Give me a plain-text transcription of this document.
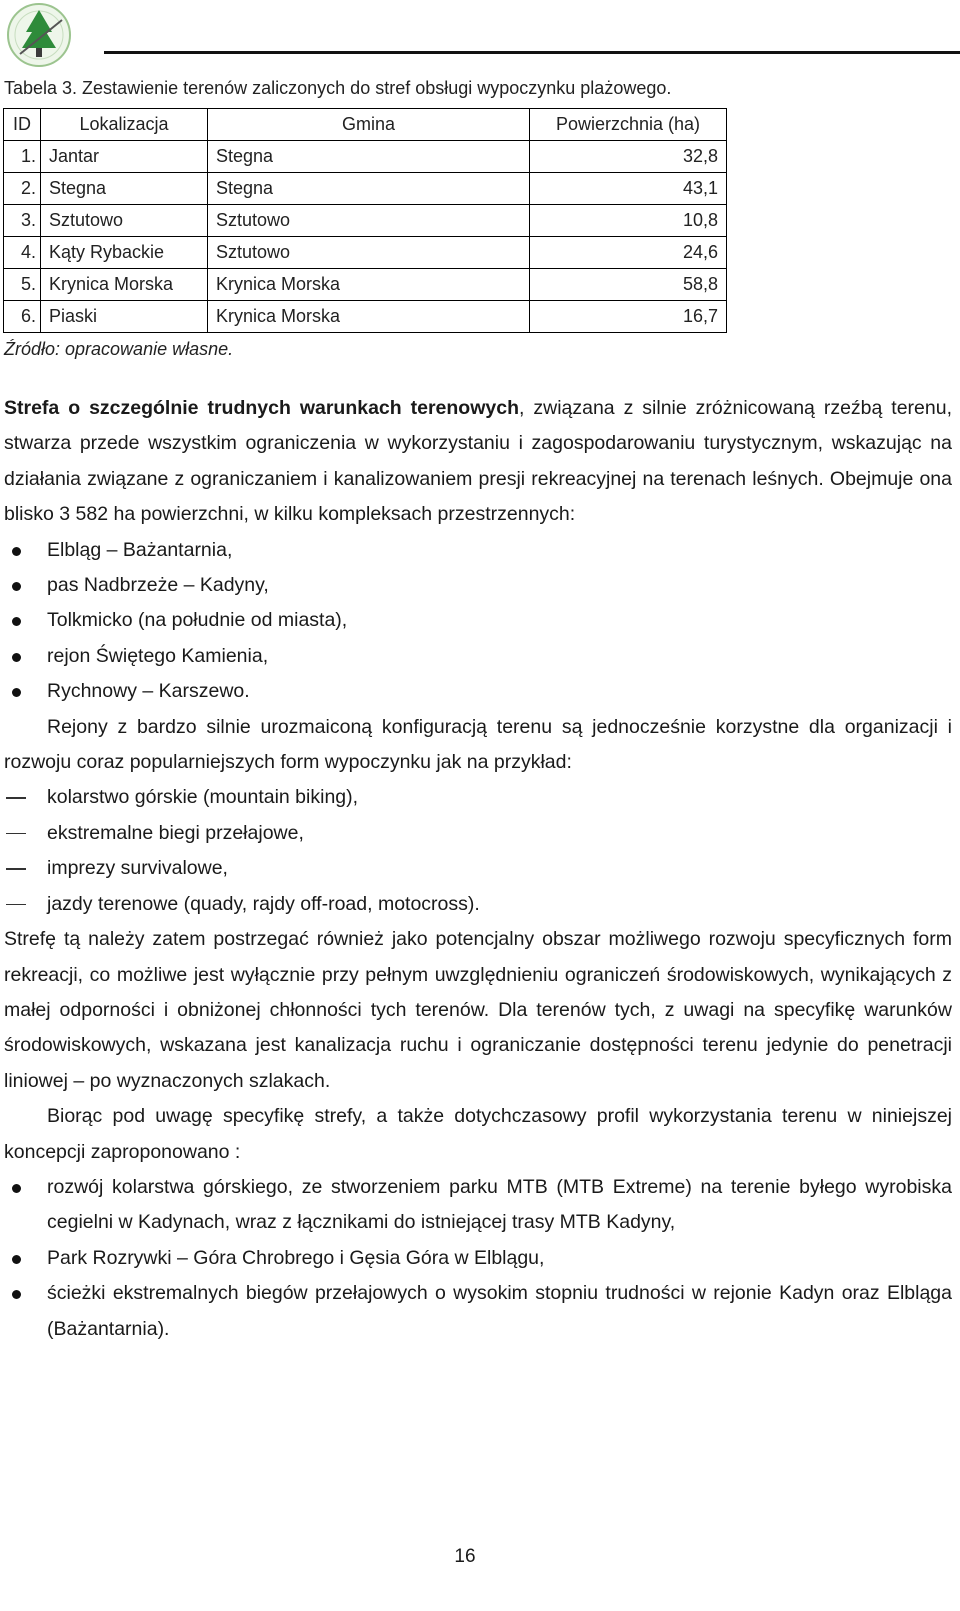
Tabela 3. Zestawienie terenów zaliczonych do stref obsługi wypoczynku plażowego.
ID	Lokalizacja	Gmina	Powierzchnia (ha)
1.	Jantar	Stegna	32,8
2.	Stegna	Stegna	43,1
3.	Sztutowo	Sztutowo	10,8
4.	Kąty Rybackie	Sztutowo	24,6
5.	Krynica Morska	Krynica Morska	58,8
6.	Piaski	Krynica Morska	16,7
Źródło: opracowanie własne.

Strefa o szczególnie trudnych warunkach terenowych, związana z silnie zróżnicowaną rzeźbą terenu, stwarza przede wszystkim ograniczenia w wykorzystaniu i zagospodarowaniu turystycznym, wskazując na działania związane z ograniczaniem i kanalizowaniem presji rekreacyjnej na terenach leśnych. Obejmuje ona blisko 3 582 ha powierzchni, w kilku kompleksach przestrzennych:

Elbląg – Bażantarnia,
pas Nadbrzeże – Kadyny,
Tolkmicko (na południe od miasta),
rejon Świętego Kamienia,
Rychnowy – Karszewo.

Rejony z bardzo silnie urozmaiconą konfiguracją terenu są jednocześnie korzystne dla organizacji i rozwoju coraz popularniejszych form wypoczynku jak na przykład:

kolarstwo górskie (mountain biking),
ekstremalne biegi przełajowe,
imprezy survivalowe,
jazdy terenowe (quady, rajdy off-road, motocross).

Strefę tą należy zatem postrzegać również jako potencjalny obszar możliwego rozwoju specyficznych form rekreacji, co możliwe jest wyłącznie przy pełnym uwzględnieniu ograniczeń środowiskowych, wynikających z małej odporności i obniżonej chłonności tych terenów. Dla terenów tych, z uwagi na specyfikę warunków środowiskowych, wskazana jest kanalizacja ruchu i ograniczanie dostępności terenu jedynie do penetracji liniowej – po wyznaczonych szlakach.

Biorąc pod uwagę specyfikę strefy, a także dotychczasowy profil wykorzystania terenu w niniejszej koncepcji zaproponowano :

rozwój kolarstwa górskiego, ze stworzeniem parku MTB (MTB Extreme) na terenie byłego wyrobiska cegielni w Kadynach, wraz z łącznikami do istniejącej trasy MTB Kadyny,
Park Rozrywki – Góra Chrobrego i Gęsia Góra w Elblągu,
ścieżki ekstremalnych biegów przełajowych o wysokim stopniu trudności w rejonie Kadyn oraz Elbląga (Bażantarnia).
16
